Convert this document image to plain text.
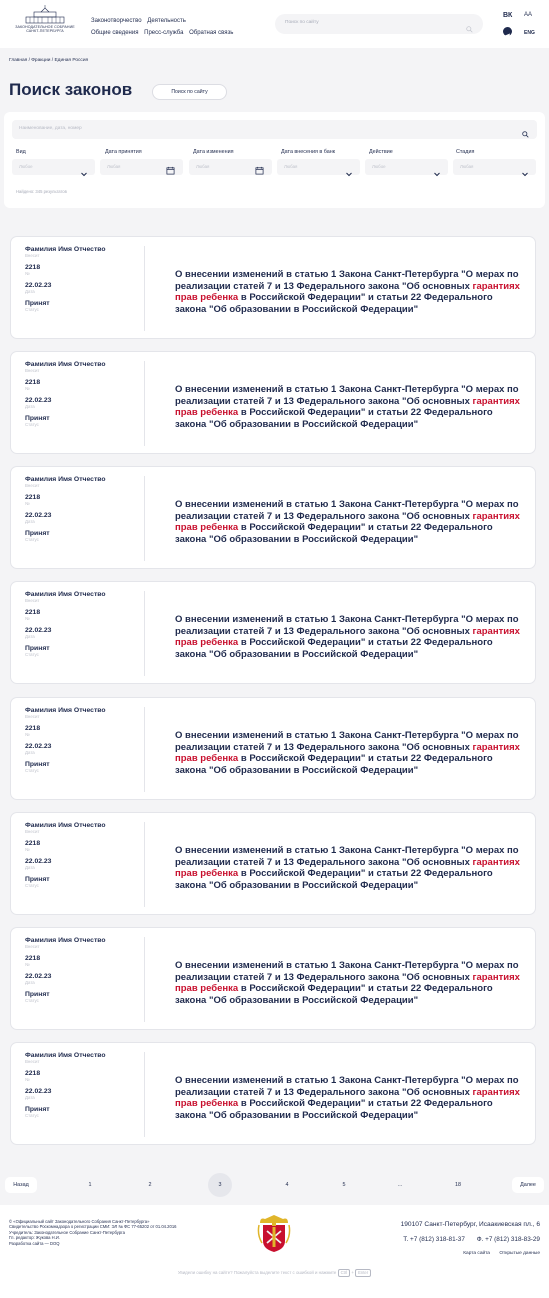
ЗАКОНОДАТЕЛЬНОЕ СОБРАНИЕ
САНКТ-ПЕТЕРБУРГА
Законотворчество Деятельность
Общие сведения Пресс-служба Обратная связь
Поиск по сайту
ВК AA
ENG
Главная / Фракции / Единая Россия
Поиск законов	Поиск по сайту
Наименование, дата, номер
Вид	Дата принятия	Дата изменения	Дата внесения в банк	Действие	Стадия
Любое	Любая	Любая	Любая	Любое	Любая
Найдено: 345 результатов
Фамилия Имя Отчество
Внесит
2218
№
22.02.23
Дата
Принят
Статус
О внесении изменений в статью 1 Закона Санкт-Петербурга "О мерах по реализации статей 7 и 13 Федерального закона "Об основных гарантиях прав ребенка в Российской Федерации" и статьи 22 Федерального закона "Об образовании в Российской Федерации"
Фамилия Имя Отчество
Внесит
2218
№
22.02.23
Дата
Принят
Статус
О внесении изменений в статью 1 Закона Санкт-Петербурга "О мерах по реализации статей 7 и 13 Федерального закона "Об основных гарантиях прав ребенка в Российской Федерации" и статьи 22 Федерального закона "Об образовании в Российской Федерации"
Фамилия Имя Отчество
Внесит
2218
№
22.02.23
Дата
Принят
Статус
О внесении изменений в статью 1 Закона Санкт-Петербурга "О мерах по реализации статей 7 и 13 Федерального закона "Об основных гарантиях прав ребенка в Российской Федерации" и статьи 22 Федерального закона "Об образовании в Российской Федерации"
Фамилия Имя Отчество
Внесит
2218
№
22.02.23
Дата
Принят
Статус
О внесении изменений в статью 1 Закона Санкт-Петербурга "О мерах по реализации статей 7 и 13 Федерального закона "Об основных гарантиях прав ребенка в Российской Федерации" и статьи 22 Федерального закона "Об образовании в Российской Федерации"
Фамилия Имя Отчество
Внесит
2218
№
22.02.23
Дата
Принят
Статус
О внесении изменений в статью 1 Закона Санкт-Петербурга "О мерах по реализации статей 7 и 13 Федерального закона "Об основных гарантиях прав ребенка в Российской Федерации" и статьи 22 Федерального закона "Об образовании в Российской Федерации"
Фамилия Имя Отчество
Внесит
2218
№
22.02.23
Дата
Принят
Статус
О внесении изменений в статью 1 Закона Санкт-Петербурга "О мерах по реализации статей 7 и 13 Федерального закона "Об основных гарантиях прав ребенка в Российской Федерации" и статьи 22 Федерального закона "Об образовании в Российской Федерации"
Фамилия Имя Отчество
Внесит
2218
№
22.02.23
Дата
Принят
Статус
О внесении изменений в статью 1 Закона Санкт-Петербурга "О мерах по реализации статей 7 и 13 Федерального закона "Об основных гарантиях прав ребенка в Российской Федерации" и статьи 22 Федерального закона "Об образовании в Российской Федерации"
Фамилия Имя Отчество
Внесит
2218
№
22.02.23
Дата
Принят
Статус
О внесении изменений в статью 1 Закона Санкт-Петербурга "О мерах по реализации статей 7 и 13 Федерального закона "Об основных гарантиях прав ребенка в Российской Федерации" и статьи 22 Федерального закона "Об образовании в Российской Федерации"
Назад	1	2	3	4	5	...	18	Далее
© «Официальный сайт Законодательного Собрания Санкт-Петербурга»
Свидетельство Роскомнадзора о регистрации СМИ: ЭЛ № ФС 77-65202 от 01.04.2016
Учредитель: Законодательное Собрание Санкт-Петербурга
Гл. редактор: Жукова Н.И.
Разработка сайта — DOQ
190107 Санкт-Петербург, Исаакиевская пл., 6
Т. +7 (812) 318-81-37 Ф. +7 (812) 318-83-29
Карта сайта Открытые данные
Увидели ошибку на сайте? Пожалуйста выделите текст с ошибкой и нажмите Ctrl + Enter
